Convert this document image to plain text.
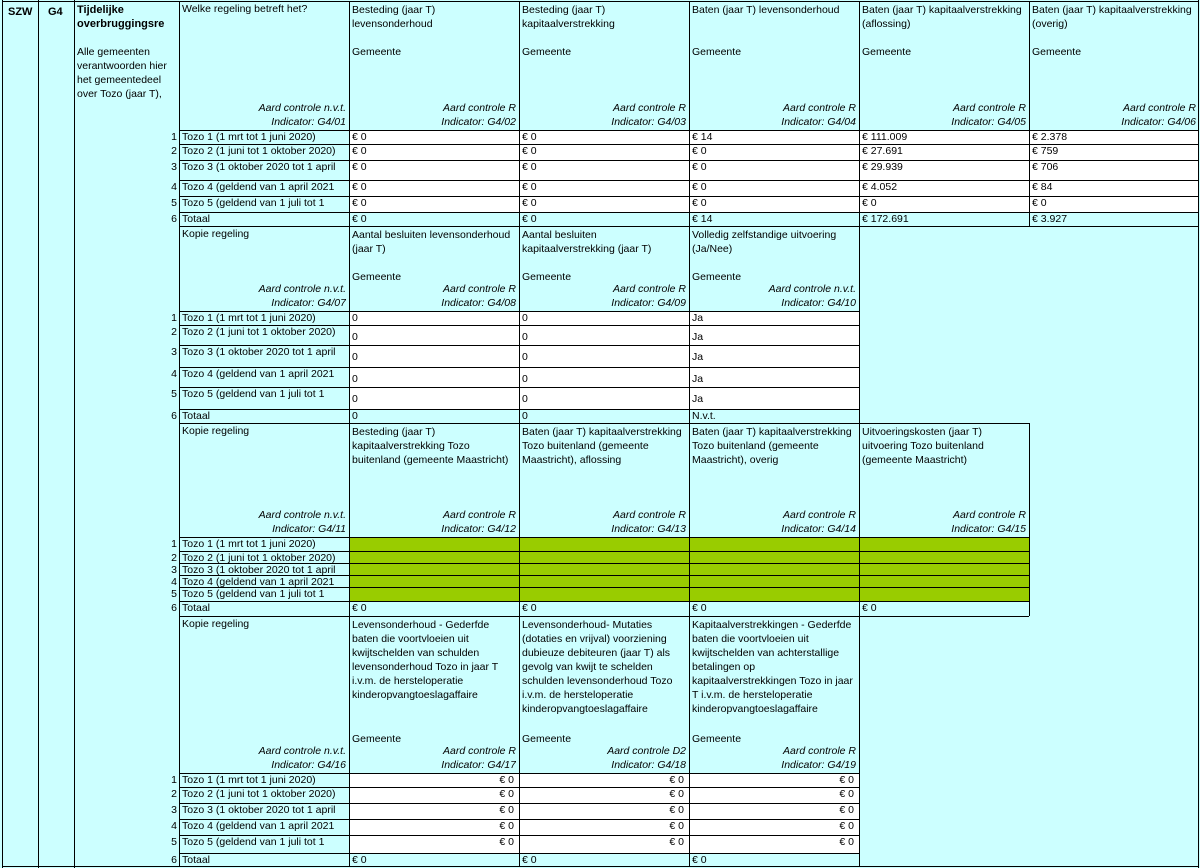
SZW	G4	Tijdelijke overbruggingsre
Alle gemeenten verantwoorden hier het gemeentedeel over Tozo (jaar T),
Welke regeling betreft het?
Aard controle n.v.t.
Indicator: G4/01
Besteding (jaar T) levensonderhoud
Gemeente
Aard controle R
Indicator: G4/02
€ 0
€ 0
€ 0
€ 0
€ 0
€ 0
Besteding (jaar T) kapitaalverstrekking
Gemeente
Aard controle R
Indicator: G4/03
€ 0
€ 0
€ 0
€ 0
€ 0
€ 0
Baten (jaar T) levensonderhoud
Gemeente
Aard controle R
Indicator: G4/04
€ 14
€ 0
€ 0
€ 0
€ 0
€ 14
Baten (jaar T) kapitaalverstrekking (aflossing)
Gemeente
Aard controle R
Indicator: G4/05
€ 111.009
€ 27.691
€ 29.939
€ 4.052
€ 0
€ 172.691
Baten (jaar T) kapitaalverstrekking (overig)
Gemeente
Aard controle R
Indicator: G4/06
€ 2.378
€ 759
€ 706
€ 84
€ 0
€ 3.927
1 Tozo 1 (1 mrt tot 1 juni 2020)
2 Tozo 2 (1 juni tot 1 oktober 2020)
3 Tozo 3 (1 oktober 2020 tot 1 april
4 Tozo 4 (geldend van 1 april 2021
5 Tozo 5 (geldend van 1 juli tot 1
6 Totaal
Kopie regeling
Aard controle n.v.t.
Indicator: G4/07
Aantal besluiten levensonderhoud (jaar T)
Gemeente
Aard controle R
Indicator: G4/08
0
0
0
0
0
0
Aantal besluiten kapitaalverstrekking (jaar T)
Gemeente
Aard controle R
Indicator: G4/09
0
0
0
0
0
0
Volledig zelfstandige uitvoering (Ja/Nee)
Gemeente
Aard controle n.v.t.
Indicator: G4/10
Ja
Ja
Ja
Ja
Ja
N.v.t.
1 Tozo 1 (1 mrt tot 1 juni 2020)
2 Tozo 2 (1 juni tot 1 oktober 2020)
3 Tozo 3 (1 oktober 2020 tot 1 april
4 Tozo 4 (geldend van 1 april 2021
5 Tozo 5 (geldend van 1 juli tot 1
6 Totaal
Kopie regeling
Aard controle n.v.t.
Indicator: G4/11
Besteding (jaar T) kapitaalverstrekking Tozo buitenland (gemeente Maastricht)
Aard controle R
Indicator: G4/12
€ 0
Baten (jaar T) kapitaalverstrekking Tozo buitenland (gemeente Maastricht), aflossing
Aard controle R
Indicator: G4/13
€ 0
Baten (jaar T) kapitaalverstrekking Tozo buitenland (gemeente Maastricht), overig
Aard controle R
Indicator: G4/14
€ 0
Uitvoeringskosten (jaar T) uitvoering Tozo buitenland (gemeente Maastricht)
Aard controle R
Indicator: G4/15
€ 0
1 Tozo 1 (1 mrt tot 1 juni 2020)
2 Tozo 2 (1 juni tot 1 oktober 2020)
3 Tozo 3 (1 oktober 2020 tot 1 april
4 Tozo 4 (geldend van 1 april 2021
5 Tozo 5 (geldend van 1 juli tot 1
6 Totaal
Kopie regeling
Aard controle n.v.t.
Indicator: G4/16
Levensonderhoud - Gederfde baten die voortvloeien uit kwijtschelden van schulden levensonderhoud Tozo in jaar T i.v.m. de hersteloperatie kinderopvangtoeslagaffaire
Gemeente
Aard controle R
Indicator: G4/17
€ 0
€ 0
€ 0
€ 0
€ 0
€ 0
Levensonderhoud- Mutaties (dotaties en vrijval) voorziening dubieuze debiteuren (jaar T) als gevolg van kwijt te schelden schulden levensonderhoud Tozo i.v.m. de hersteloperatie kinderopvangtoeslagaffaire
Gemeente
Aard controle D2
Indicator: G4/18
€ 0
€ 0
€ 0
€ 0
€ 0
€ 0
Kapitaalverstrekkingen - Gederfde baten die voortvloeien uit kwijtschelden van achterstallige betalingen op kapitaalverstrekkingen Tozo in jaar T i.v.m. de hersteloperatie kinderopvangtoeslagaffaire
Gemeente
Aard controle R
Indicator: G4/19
€ 0
€ 0
€ 0
€ 0
€ 0
€ 0
1 Tozo 1 (1 mrt tot 1 juni 2020)
2 Tozo 2 (1 juni tot 1 oktober 2020)
3 Tozo 3 (1 oktober 2020 tot 1 april
4 Tozo 4 (geldend van 1 april 2021
5 Tozo 5 (geldend van 1 juli tot 1
6 Totaal
